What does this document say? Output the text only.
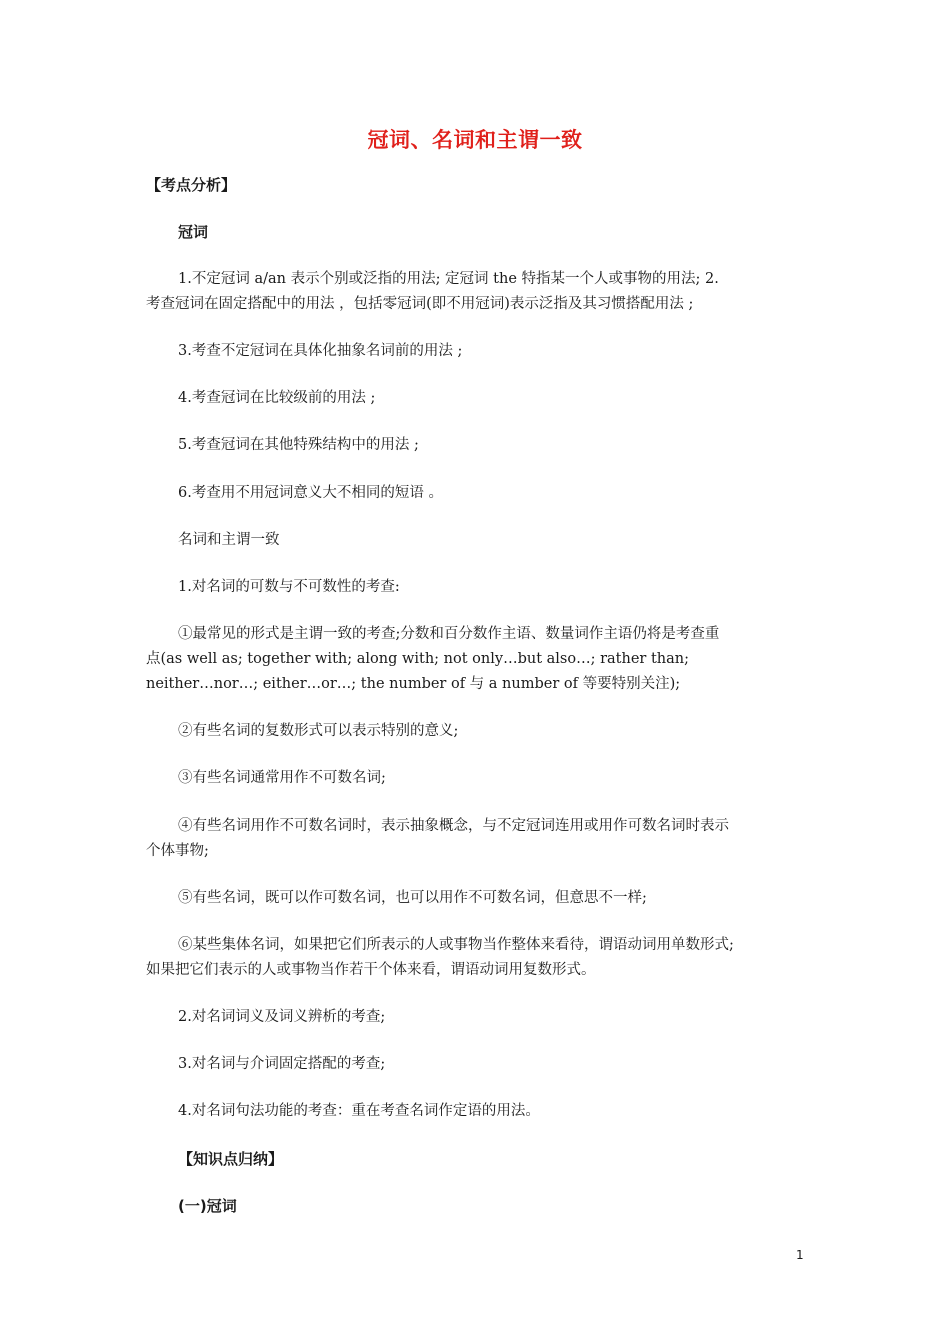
冠词、名词和主谓一致
【考点分析】
冠词
1.不定冠词 a/an 表示个别或泛指的用法; 定冠词 the 特指某一个人或事物的用法; 2.
考查冠词在固定搭配中的用法 ，包括零冠词(即不用冠词)表示泛指及其习惯搭配用法 ;
3.考查不定冠词在具体化抽象名词前的用法 ;
4.考查冠词在比较级前的用法 ;
5.考查冠词在其他特殊结构中的用法 ;
6.考查用不用冠词意义大不相同的短语 。
名词和主谓一致
1.对名词的可数与不可数性的考查:
①最常见的形式是主谓一致的考查;分数和百分数作主语、数量词作主语仍将是考查重
点(as well as; together with; along with; not only…but also…; rather than;
neither…nor…; either…or…; the number of 与 a number of 等要特别关注);
②有些名词的复数形式可以表示特别的意义;
③有些名词通常用作不可数名词;
④有些名词用作不可数名词时，表示抽象概念，与不定冠词连用或用作可数名词时表示
个体事物;
⑤有些名词，既可以作可数名词，也可以用作不可数名词，但意思不一样;
⑥某些集体名词，如果把它们所表示的人或事物当作整体来看待，谓语动词用单数形式;
如果把它们表示的人或事物当作若干个体来看，谓语动词用复数形式。
2.对名词词义及词义辨析的考查;
3.对名词与介词固定搭配的考查;
4.对名词句法功能的考查：重在考查名词作定语的用法。
【知识点归纳】
(一)冠词
1
